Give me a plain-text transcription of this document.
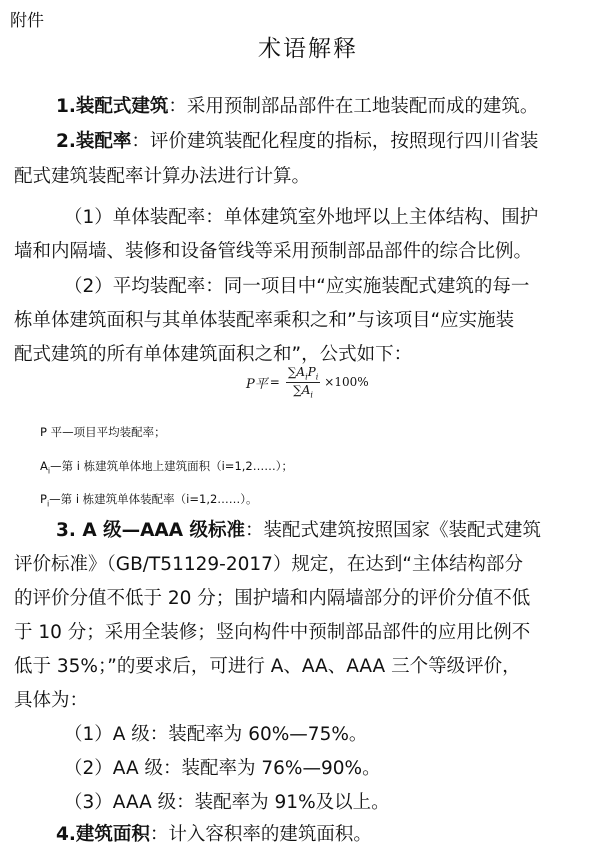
附件
术语解释
1.装配式建筑：采用预制部品部件在工地装配而成的建筑。
2.装配率：评价建筑装配化程度的指标，按照现行四川省装
配式建筑装配率计算办法进行计算。
（1）单体装配率：单体建筑室外地坪以上主体结构、围护
墙和内隔墙、装修和设备管线等采用预制部品部件的综合比例。
（2）平均装配率：同一项目中“应实施装配式建筑的每一
栋单体建筑面积与其单体装配率乘积之和”与该项目“应实施装
配式建筑的所有单体建筑面积之和”，公式如下：
P平 = $\frac{\sum A_iP_i}{\sum A_i} \times 100\%$
P 平—项目平均装配率；
$A_i—$第 i 栋建筑单体地上建筑面积（i=1,2……）；
$P_i—$第 i 栋建筑单体装配率（i=1,2……）。
3. A 级—AAA 级标准：装配式建筑按照国家《装配式建筑
评价标准》（GB/T51129-2017）规定，在达到“主体结构部分
的评价分值不低于 20 分；围护墙和内隔墙部分的评价分值不低
于 10 分；采用全装修；竖向构件中预制部品部件的应用比例不
低于 35%；”的要求后，可进行 A、AA、AAA 三个等级评价，
具体为：
（1）A 级：装配率为 60%—75%。
（2）AA 级：装配率为 76%—90%。
（3）AAA 级：装配率为 91%及以上。
4.建筑面积：计入容积率的建筑面积。
